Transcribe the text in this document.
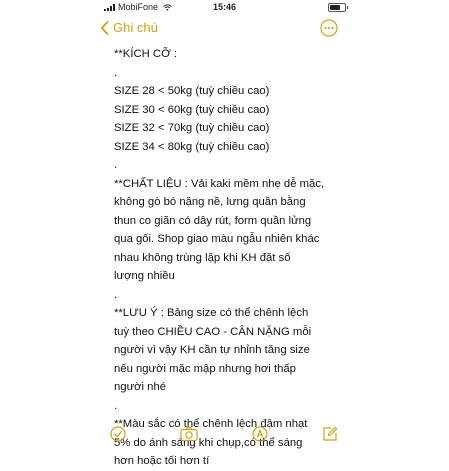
MobiFone	15:46
Ghi chú
**KÍCH CỠ :
.
SIZE 28 < 50kg (tuỳ chiều cao)
SIZE 30 < 60kg (tuỳ chiều cao)
SIZE 32 < 70kg (tuỳ chiều cao)
SIZE 34 < 80kg (tuỳ chiều cao)
.
**CHẤT LIỆU : Vải kaki mềm nhẹ dễ mặc,
không gò bó nặng nề, lưng quần bằng
thun co giãn có dây rút, form quần lửng
qua gối. Shop giao màu ngẫu nhiên khác
nhau không trùng lặp khi KH đặt số
lượng nhiều
.
**LƯU Ý : Bảng size có thể chênh lệch
tuỳ theo CHIỀU CAO - CÂN NẶNG mỗi
người vì vậy KH cần tự nhỉnh tăng size
nếu người mặc mập nhưng hơi thấp
người nhé
.
**Màu sắc có thể chênh lệch đậm nhạt
5% do ánh sáng khi chụp,có thể sáng
hơn hoặc tối hơn tí
